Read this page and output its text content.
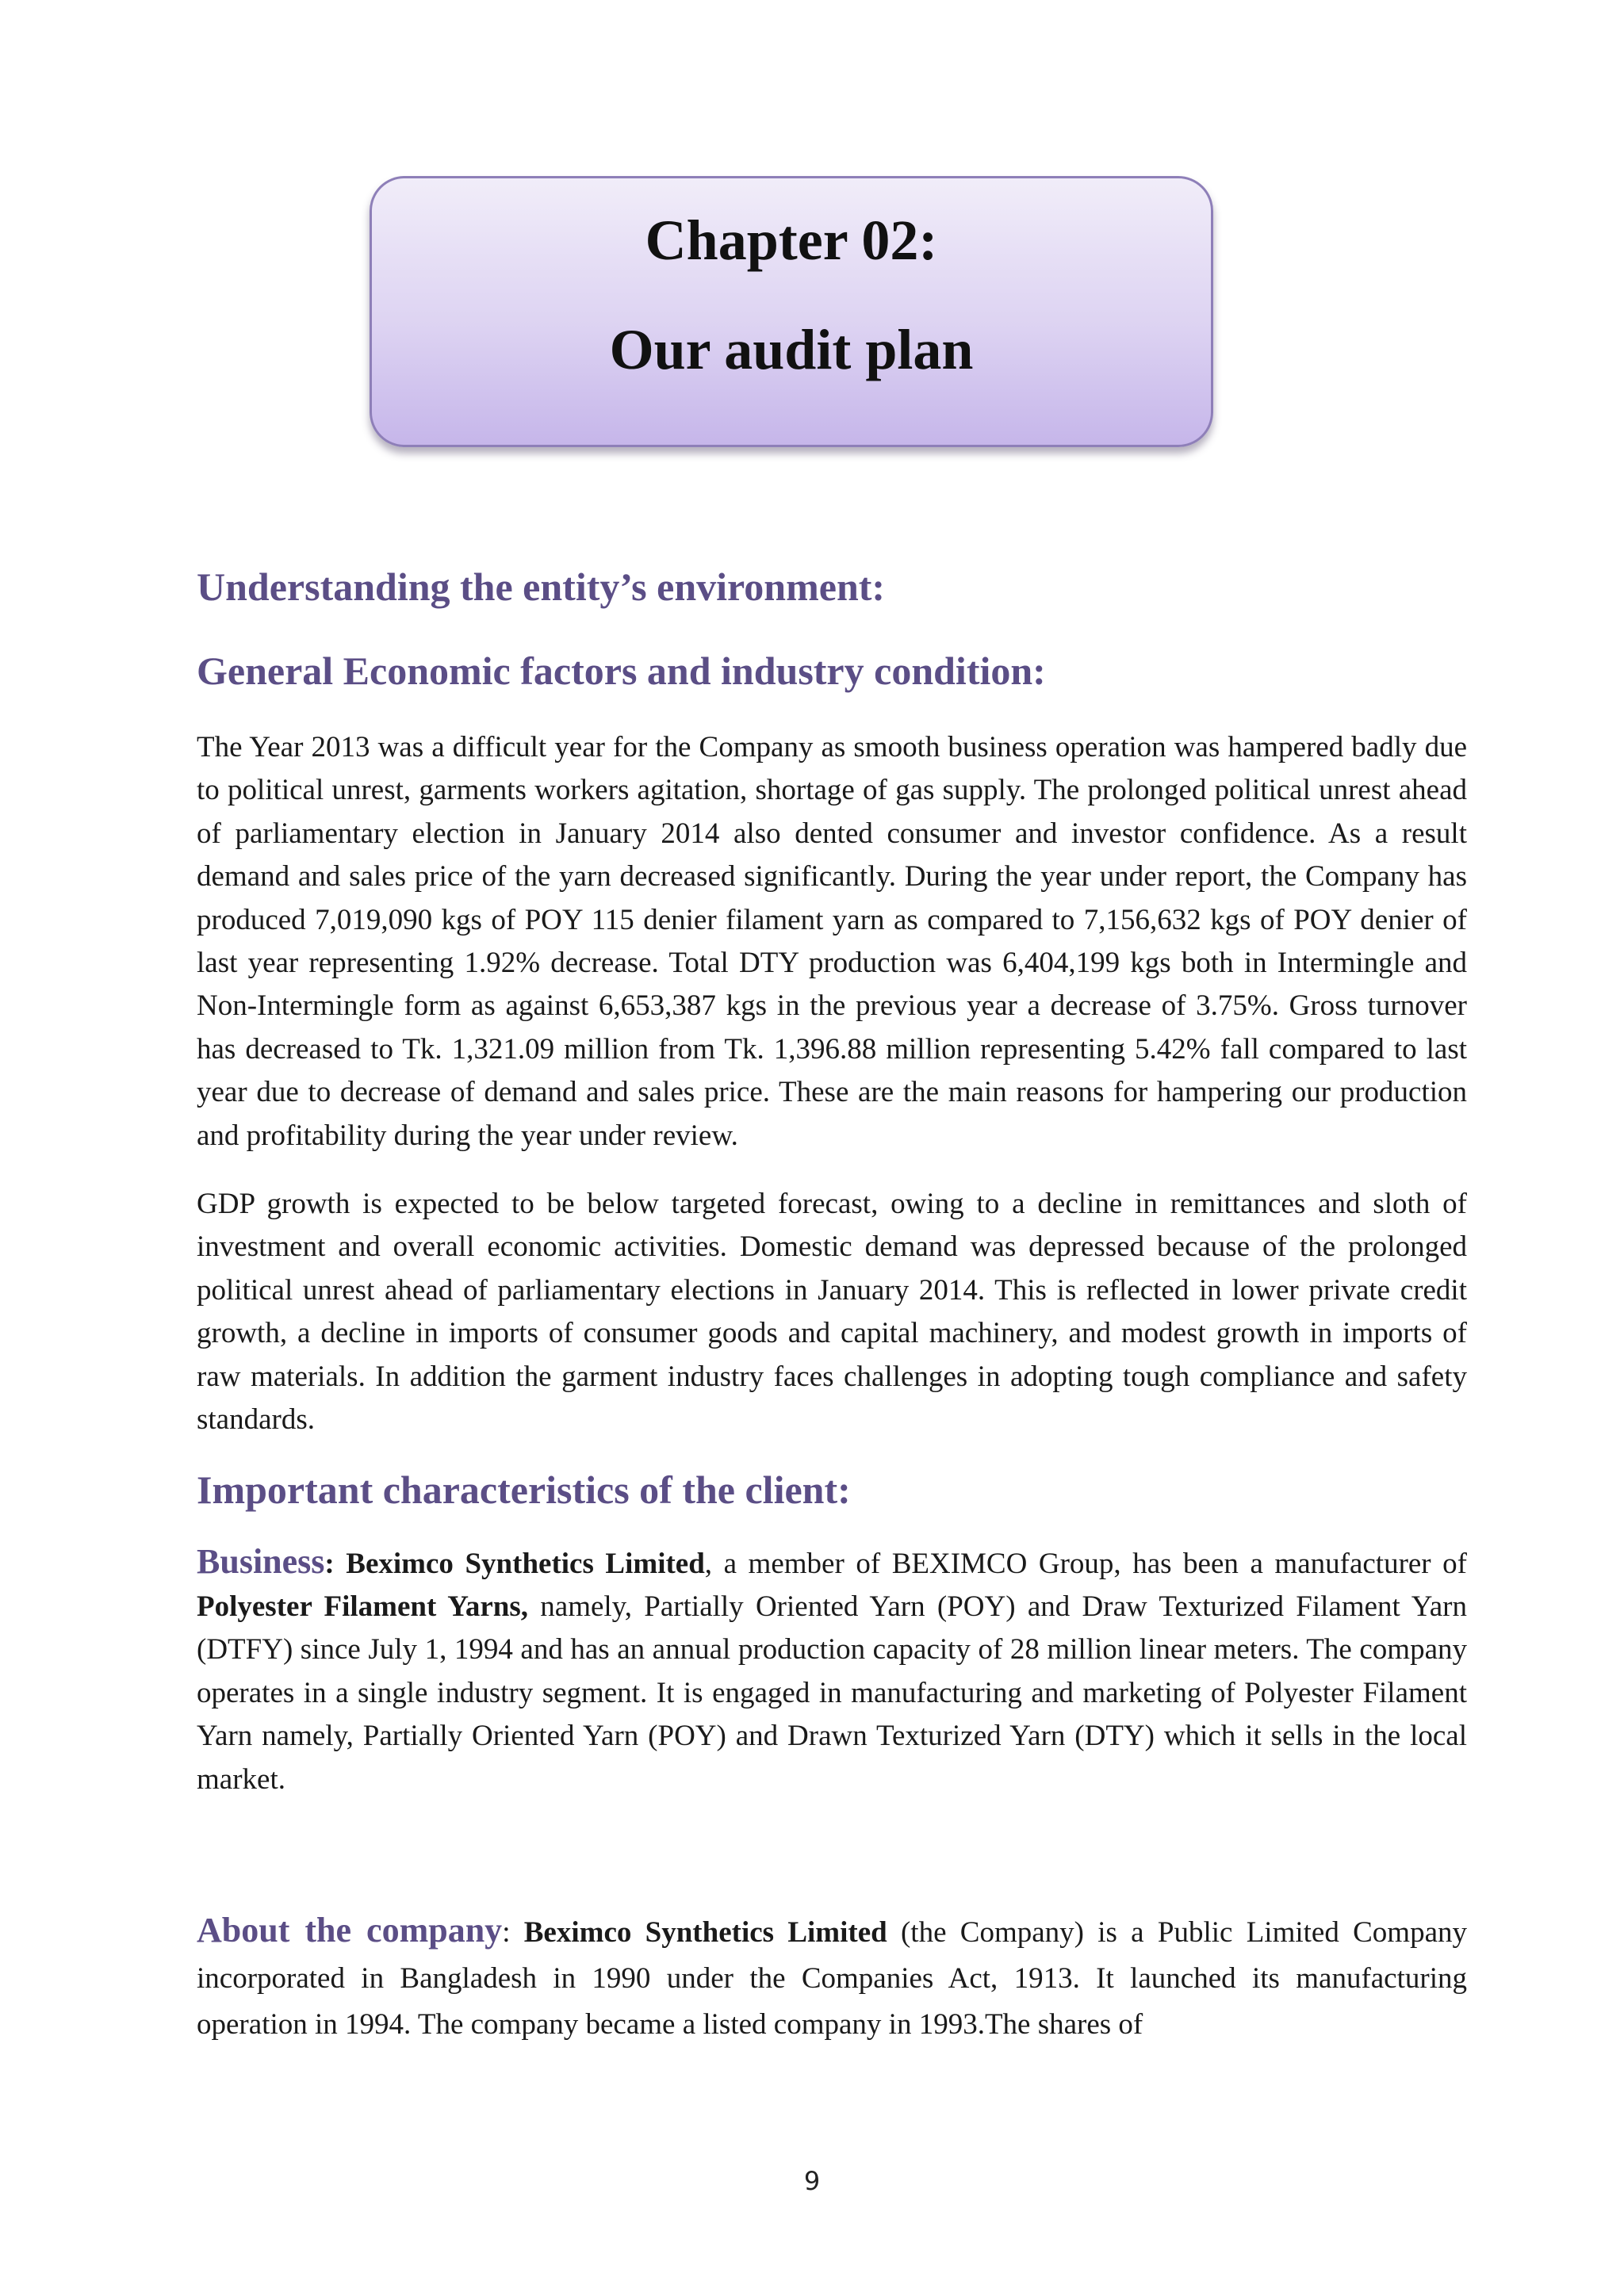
Chapter 02:
Our audit plan
Understanding the entity’s environment:
General Economic factors and industry condition:

The Year 2013 was a difficult year for the Company as smooth business operation was hampered badly due to political unrest, garments workers agitation, shortage of gas supply. The prolonged political unrest ahead of parliamentary election in January 2014 also dented consumer and investor confidence. As a result demand and sales price of the yarn decreased significantly. During the year under report, the Company has produced 7,019,090 kgs of POY 115 denier filament yarn as compared to 7,156,632 kgs of POY denier of last year representing 1.92% decrease. Total DTY production was 6,404,199 kgs both in Intermingle and Non-Intermingle form as against 6,653,387 kgs in the previous year a decrease of 3.75%. Gross turnover has decreased to Tk. 1,321.09 million from Tk. 1,396.88 million representing 5.42% fall compared to last year due to decrease of demand and sales price. These are the main reasons for hampering our production and profitability during the year under review.

GDP growth is expected to be below targeted forecast, owing to a decline in remittances and sloth of investment and overall economic activities. Domestic demand was depressed because of the prolonged political unrest ahead of parliamentary elections in January 2014. This is reflected in lower private credit growth, a decline in imports of consumer goods and capital machinery, and modest growth in imports of raw materials. In addition the garment industry faces challenges in adopting tough compliance and safety standards.

Important characteristics of the client:

Business: Beximco Synthetics Limited, a member of BEXIMCO Group, has been a manufacturer of Polyester Filament Yarns, namely, Partially Oriented Yarn (POY) and Draw Texturized Filament Yarn (DTFY) since July 1, 1994 and has an annual production capacity of 28 million linear meters. The company operates in a single industry segment. It is engaged in manufacturing and marketing of Polyester Filament Yarn namely, Partially Oriented Yarn (POY) and Drawn Texturized Yarn (DTY) which it sells in the local market.

About the company: Beximco Synthetics Limited (the Company) is a Public Limited Company incorporated in Bangladesh in 1990 under the Companies Act, 1913. It launched its manufacturing operation in 1994. The company became a listed company in 1993.The shares of

9
